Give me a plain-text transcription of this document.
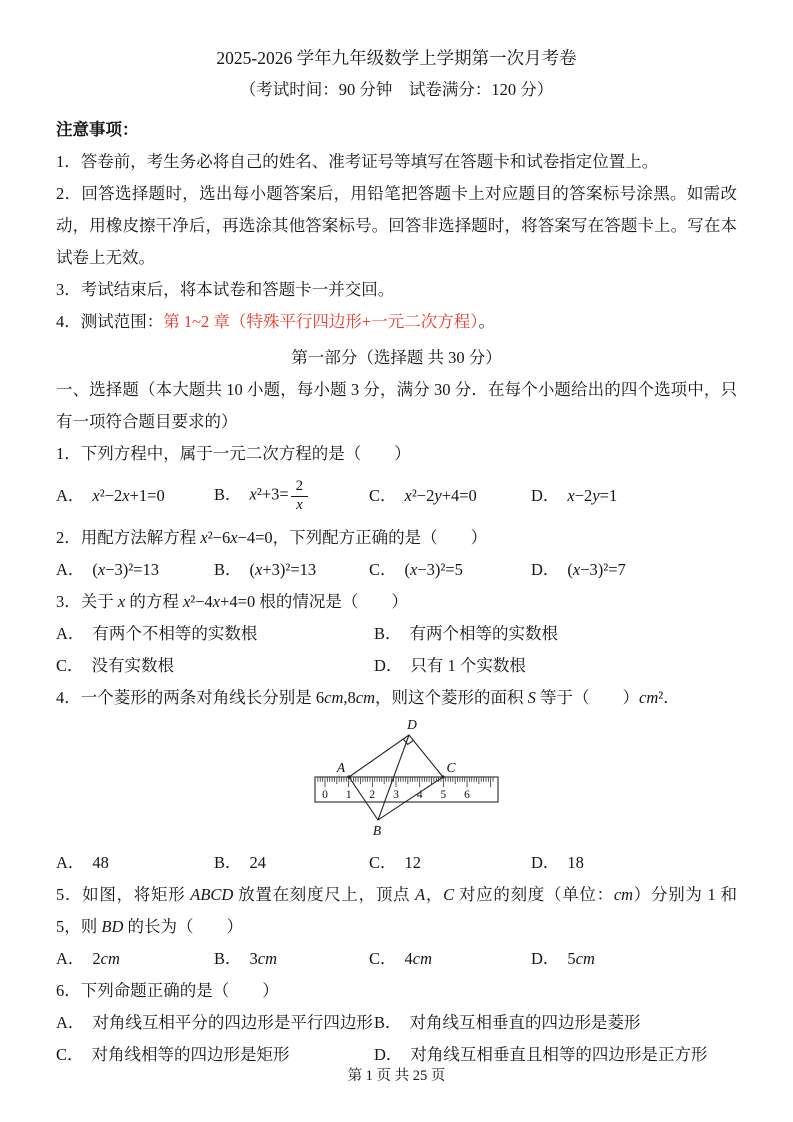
2025-2026 学年九年级数学上学期第一次月考卷

（考试时间：90 分钟　试卷满分：120 分）

注意事项：

1．答卷前，考生务必将自己的姓名、准考证号等填写在答题卡和试卷指定位置上。

2．回答选择题时，选出每小题答案后，用铅笔把答题卡上对应题目的答案标号涂黑。如需改动，用橡皮擦干净后，再选涂其他答案标号。回答非选择题时，将答案写在答题卡上。写在本试卷上无效。

3．考试结束后，将本试卷和答题卡一并交回。

4．测试范围：第 1~2 章（特殊平行四边形+一元二次方程）。

第一部分（选择题 共 30 分）

一、选择题（本大题共 10 小题，每小题 3 分，满分 30 分．在每个小题给出的四个选项中，只有一项符合题目要求的）

1．下列方程中，属于一元二次方程的是（　　）

A． x²−2x+1=0	B． $x^2+3= \frac{2}{x}$	C． x²−2y+4=0	D． x−2y=1

2．用配方法解方程 x²−6x−4=0，下列配方正确的是（　　）

A． (x−3)²=13	B． (x+3)²=13	C． (x−3)²=5	D． (x−3)²=7

3．关于 x 的方程 x²−4x+4=0 根的情况是（　　）

A． 有两个不相等的实数根	B． 有两个相等的实数根
C． 没有实数根	D． 只有 1 个实数根

4．一个菱形的两条对角线长分别是 6cm,8cm，则这个菱形的面积 S 等于（　　）cm²．

0 1 2 3 4 5 6
A
B
C
D
A． 48	B． 24	C． 12	D． 18

5．如图，将矩形 ABCD 放置在刻度尺上，顶点 A，C 对应的刻度（单位：cm）分别为 1 和 5，则 BD 的长为（　　）

A． 2cm	B． 3cm	C． 4cm	D． 5cm

6．下列命题正确的是（　　）

A． 对角线互相平分的四边形是平行四边形 B． 对角线互相垂直的四边形是菱形
C． 对角线相等的四边形是矩形	D． 对角线互相垂直且相等的四边形是正方形

第 1 页 共 25 页
